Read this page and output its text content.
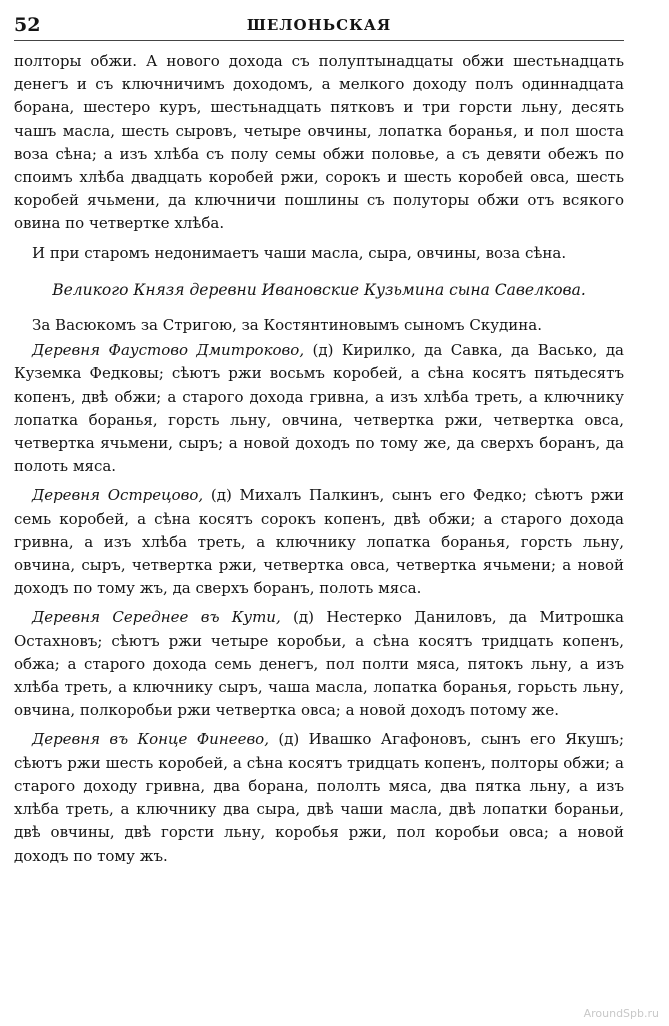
52	ШЕЛОНЬСКАЯ

полторы обжи. А нового дохода съ полуптынадцаты обжи шестьнадцать денегъ и съ ключничимъ доходомъ, а мелкого доходу полъ одиннадцата борана, шестеро куръ, шестьнадцать пятковъ и три горсти льну, десять чашъ масла, шесть сыровъ, четыре овчины, лопатка боранья, и пол шоста воза сѣна; а изъ хлѣба съ полу семы обжи половье, а съ девяти обежъ по споимъ хлѣба двадцать коробей ржи, сорокъ и шесть коробей овса, шесть коробей ячьмени, да ключничи пошлины съ полуторы обжи отъ всякого овина по четвертке хлѣба.

И при старомъ недонимаетъ чаши масла, сыра, овчины, воза сѣна.

Великого Князя деревни Ивановские Кузьмина сына Савелкова.

За Васюкомъ за Стригою, за Костянтиновымъ сыномъ Скудина.

Деревня Фаустово Дмитроково, (д) Кирилко, да Савка, да Васько, да Куземка Федковы; сѣютъ ржи восьмъ коробей, а сѣна косятъ пятьдесятъ копенъ, двѣ обжи; а старого дохода гривна, а изъ хлѣба треть, а ключнику лопатка боранья, горсть льну, овчина, четвертка ржи, четвертка овса, четвертка ячьмени, сыръ; а новой доходъ по тому же, да сверхъ боранъ, да полоть мяса.

Деревня Острецово, (д) Михалъ Палкинъ, сынъ его Федко; сѣютъ ржи семь коробей, а сѣна косятъ сорокъ копенъ, двѣ обжи; а старого дохода гривна, а изъ хлѣба треть, а ключнику лопатка боранья, горсть льну, овчина, сыръ, четвертка ржи, четвертка овса, четвертка ячьмени; а новой доходъ по тому жъ, да сверхъ боранъ, полоть мяса.

Деревня Середнее въ Кути, (д) Нестерко Даниловъ, да Митрошка Остахновъ; сѣютъ ржи четыре коробьи, а сѣна косятъ тридцать копенъ, обжа; а старого дохода семь денегъ, пол полти мяса, пятокъ льну, а изъ хлѣба треть, а ключнику сыръ, чаша масла, лопатка боранья, горьсть льну, овчина, полкоробьи ржи четвертка овса; а новой доходъ потому же.

Деревня въ Конце Финеево, (д) Ивашко Агафоновъ, сынъ его Якушъ; сѣютъ ржи шесть коробей, а сѣна косятъ тридцать копенъ, полторы обжи; а старого доходу гривна, два борана, пололть мяса, два пятка льну, а изъ хлѣба треть, а ключнику два сыра, двѣ чаши масла, двѣ лопатки бораньи, двѣ овчины, двѣ горсти льну, коробья ржи, пол коробьи овса; а новой доходъ по тому жъ.

AroundSpb.ru
